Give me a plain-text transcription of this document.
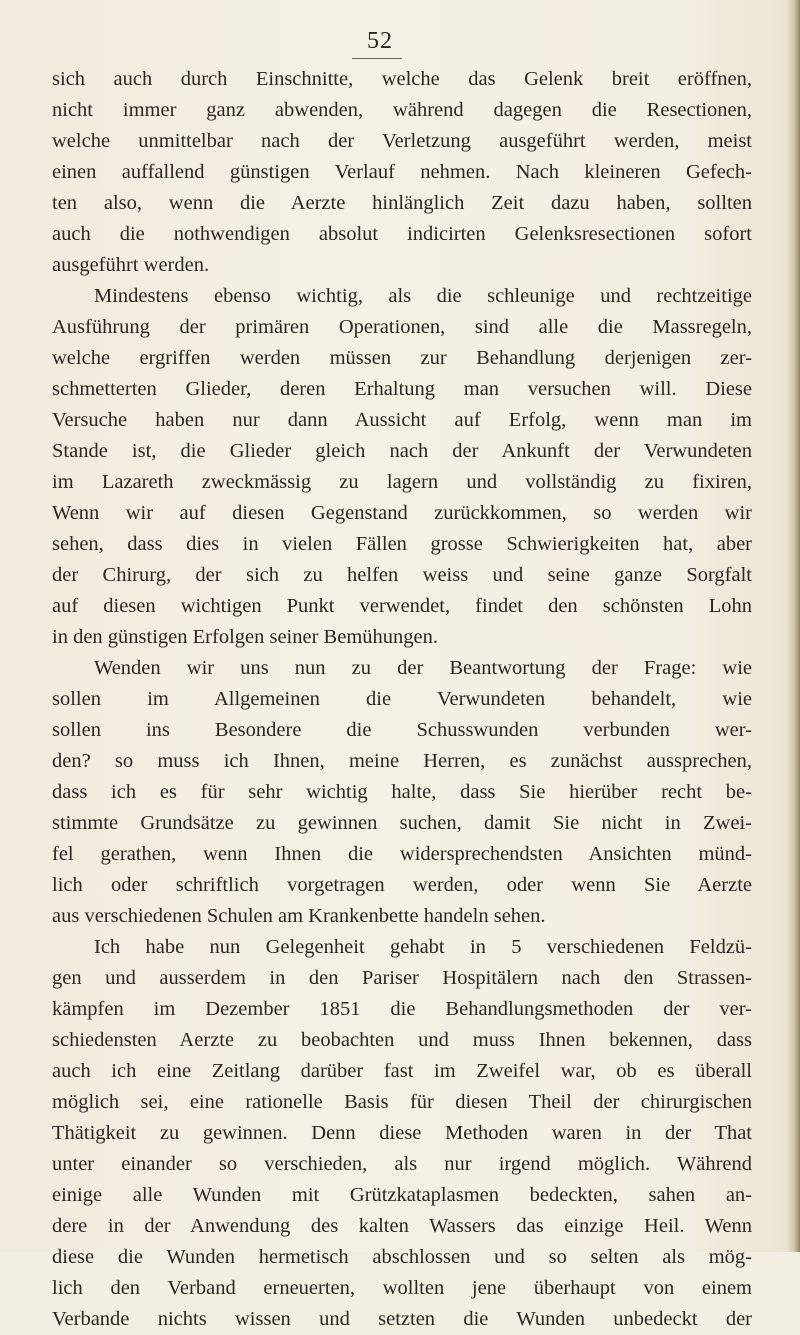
52
sich auch durch Einschnitte, welche das Gelenk breit eröffnen,
nicht immer ganz abwenden, während dagegen die Resectionen,
welche unmittelbar nach der Verletzung ausgeführt werden, meist
einen auffallend günstigen Verlauf nehmen. Nach kleineren Gefech-
ten also, wenn die Aerzte hinlänglich Zeit dazu haben, sollten
auch die nothwendigen absolut indicirten Gelenksresectionen sofort
ausgeführt werden.
Mindestens ebenso wichtig, als die schleunige und rechtzeitige
Ausführung der primären Operationen, sind alle die Massregeln,
welche ergriffen werden müssen zur Behandlung derjenigen zer-
schmetterten Glieder, deren Erhaltung man versuchen will. Diese
Versuche haben nur dann Aussicht auf Erfolg, wenn man im
Stande ist, die Glieder gleich nach der Ankunft der Verwundeten
im Lazareth zweckmässig zu lagern und vollständig zu fixiren,
Wenn wir auf diesen Gegenstand zurückkommen, so werden wir
sehen, dass dies in vielen Fällen grosse Schwierigkeiten hat, aber
der Chirurg, der sich zu helfen weiss und seine ganze Sorgfalt
auf diesen wichtigen Punkt verwendet, findet den schönsten Lohn
in den günstigen Erfolgen seiner Bemühungen.
Wenden wir uns nun zu der Beantwortung der Frage: wie
sollen im Allgemeinen die Verwundeten behandelt, wie
sollen ins Besondere die Schusswunden verbunden wer-
den? so muss ich Ihnen, meine Herren, es zunächst aussprechen,
dass ich es für sehr wichtig halte, dass Sie hierüber recht be-
stimmte Grundsätze zu gewinnen suchen, damit Sie nicht in Zwei-
fel gerathen, wenn Ihnen die widersprechendsten Ansichten münd-
lich oder schriftlich vorgetragen werden, oder wenn Sie Aerzte
aus verschiedenen Schulen am Krankenbette handeln sehen.
Ich habe nun Gelegenheit gehabt in 5 verschiedenen Feldzü-
gen und ausserdem in den Pariser Hospitälern nach den Strassen-
kämpfen im Dezember 1851 die Behandlungsmethoden der ver-
schiedensten Aerzte zu beobachten und muss Ihnen bekennen, dass
auch ich eine Zeitlang darüber fast im Zweifel war, ob es überall
möglich sei, eine rationelle Basis für diesen Theil der chirurgischen
Thätigkeit zu gewinnen. Denn diese Methoden waren in der That
unter einander so verschieden, als nur irgend möglich. Während
einige alle Wunden mit Grützkataplasmen bedeckten, sahen an-
dere in der Anwendung des kalten Wassers das einzige Heil. Wenn
diese die Wunden hermetisch abschlossen und so selten als mög-
lich den Verband erneuerten, wollten jene überhaupt von einem
Verbande nichts wissen und setzten die Wunden unbedeckt der
